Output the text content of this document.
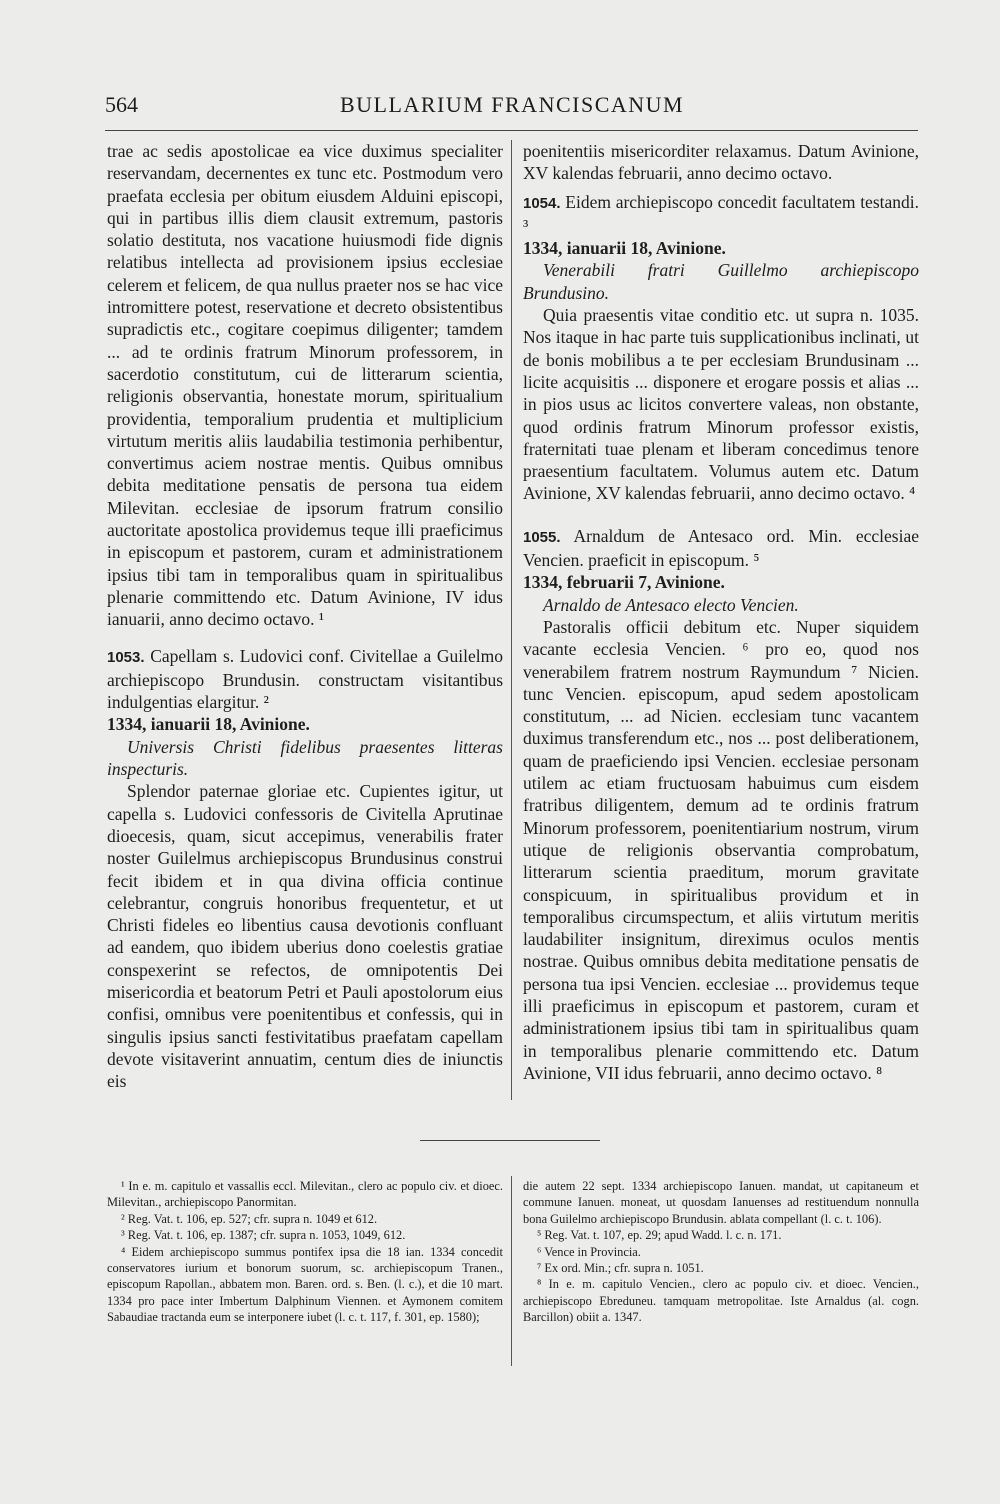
564	BULLARIUM FRANCISCANUM

trae ac sedis apostolicae ea vice duximus specialiter reservandam, decernentes ex tunc etc. Postmodum vero praefata ecclesia per obitum eiusdem Alduini episcopi, qui in partibus illis diem clausit extremum, pastoris solatio destituta, nos vacatione huiusmodi fide dignis relatibus intellecta ad provisionem ipsius ecclesiae celerem et felicem, de qua nullus praeter nos se hac vice intromittere potest, reservatione et decreto obsistentibus supradictis etc., cogitare coepimus diligenter; tamdem ... ad te ordinis fratrum Minorum professorem, in sacerdotio constitutum, cui de litterarum scientia, religionis observantia, honestate morum, spiritualium providentia, temporalium prudentia et multiplicium virtutum meritis aliis laudabilia testimonia perhibentur, convertimus aciem nostrae mentis. Quibus omnibus debita meditatione pensatis de persona tua eidem Milevitan. ecclesiae de ipsorum fratrum consilio auctoritate apostolica providemus teque illi praeficimus in episcopum et pastorem, curam et administrationem ipsius tibi tam in temporalibus quam in spiritualibus plenarie committendo etc. Datum Avinione, IV idus ianuarii, anno decimo octavo. ¹

1053. Capellam s. Ludovici conf. Civitellae a Guilelmo archiepiscopo Brundusin. constructam visitantibus indulgentias elargitur. ²

1334, ianuarii 18, Avinione.

Universis Christi fidelibus praesentes litteras inspecturis.

Splendor paternae gloriae etc. Cupientes igitur, ut capella s. Ludovici confessoris de Civitella Aprutinae dioecesis, quam, sicut accepimus, venerabilis frater noster Guilelmus archiepiscopus Brundusinus construi fecit ibidem et in qua divina officia continue celebrantur, congruis honoribus frequentetur, et ut Christi fideles eo libentius causa devotionis confluant ad eandem, quo ibidem uberius dono coelestis gratiae conspexerint se refectos, de omnipotentis Dei misericordia et beatorum Petri et Pauli apostolorum eius confisi, omnibus vere poenitentibus et confessis, qui in singulis ipsius sancti festivitatibus praefatam capellam devote visitaverint annuatim, centum dies de iniunctis eis

poenitentiis misericorditer relaxamus. Datum Avinione, XV kalendas februarii, anno decimo octavo.

1054. Eidem archiepiscopo concedit facultatem testandi. ³

1334, ianuarii 18, Avinione.

Venerabili fratri Guillelmo archiepiscopo Brundusino.

Quia praesentis vitae conditio etc. ut supra n. 1035. Nos itaque in hac parte tuis supplicationibus inclinati, ut de bonis mobilibus a te per ecclesiam Brundusinam ... licite acquisitis ... disponere et erogare possis et alias ... in pios usus ac licitos convertere valeas, non obstante, quod ordinis fratrum Minorum professor existis, fraternitati tuae plenam et liberam concedimus tenore praesentium facultatem. Volumus autem etc. Datum Avinione, XV kalendas februarii, anno decimo octavo. ⁴

1055. Arnaldum de Antesaco ord. Min. ecclesiae Vencien. praeficit in episcopum. ⁵

1334, februarii 7, Avinione.

Arnaldo de Antesaco electo Vencien.

Pastoralis officii debitum etc. Nuper siquidem vacante ecclesia Vencien. ⁶ pro eo, quod nos venerabilem fratrem nostrum Raymundum ⁷ Nicien. tunc Vencien. episcopum, apud sedem apostolicam constitutum, ... ad Nicien. ecclesiam tunc vacantem duximus transferendum etc., nos ... post deliberationem, quam de praeficiendo ipsi Vencien. ecclesiae personam utilem ac etiam fructuosam habuimus cum eisdem fratribus diligentem, demum ad te ordinis fratrum Minorum professorem, poenitentiarium nostrum, virum utique de religionis observantia comprobatum, litterarum scientia praeditum, morum gravitate conspicuum, in spiritualibus providum et in temporalibus circumspectum, et aliis virtutum meritis laudabiliter insignitum, direximus oculos mentis nostrae. Quibus omnibus debita meditatione pensatis de persona tua ipsi Vencien. ecclesiae ... providemus teque illi praeficimus in episcopum et pastorem, curam et administrationem ipsius tibi tam in spiritualibus quam in temporalibus plenarie committendo etc. Datum Avinione, VII idus februarii, anno decimo octavo. ⁸

¹ In e. m. capitulo et vassallis eccl. Milevitan., clero ac populo civ. et dioec. Milevitan., archiepiscopo Panormitan.

² Reg. Vat. t. 106, ep. 527; cfr. supra n. 1049 et 612.

³ Reg. Vat. t. 106, ep. 1387; cfr. supra n. 1053, 1049, 612.

⁴ Eidem archiepiscopo summus pontifex ipsa die 18 ian. 1334 concedit conservatores iurium et bonorum suorum, sc. archiepiscopum Tranen., episcopum Rapollan., abbatem mon. Baren. ord. s. Ben. (l. c.), et die 10 mart. 1334 pro pace inter Imbertum Dalphinum Viennen. et Aymonem comitem Sabaudiae tractanda eum se interponere iubet (l. c. t. 117, f. 301, ep. 1580);

die autem 22 sept. 1334 archiepiscopo Ianuen. mandat, ut capitaneum et commune Ianuen. moneat, ut quosdam Ianuenses ad restituendum nonnulla bona Guilelmo archiepiscopo Brundusin. ablata compellant (l. c. t. 106).

⁵ Reg. Vat. t. 107, ep. 29; apud Wadd. l. c. n. 171.

⁶ Vence in Provincia.

⁷ Ex ord. Min.; cfr. supra n. 1051.

⁸ In e. m. capitulo Vencien., clero ac populo civ. et dioec. Vencien., archiepiscopo Ebreduneu. tamquam metropolitae. Iste Arnaldus (al. cogn. Barcillon) obiit a. 1347.
